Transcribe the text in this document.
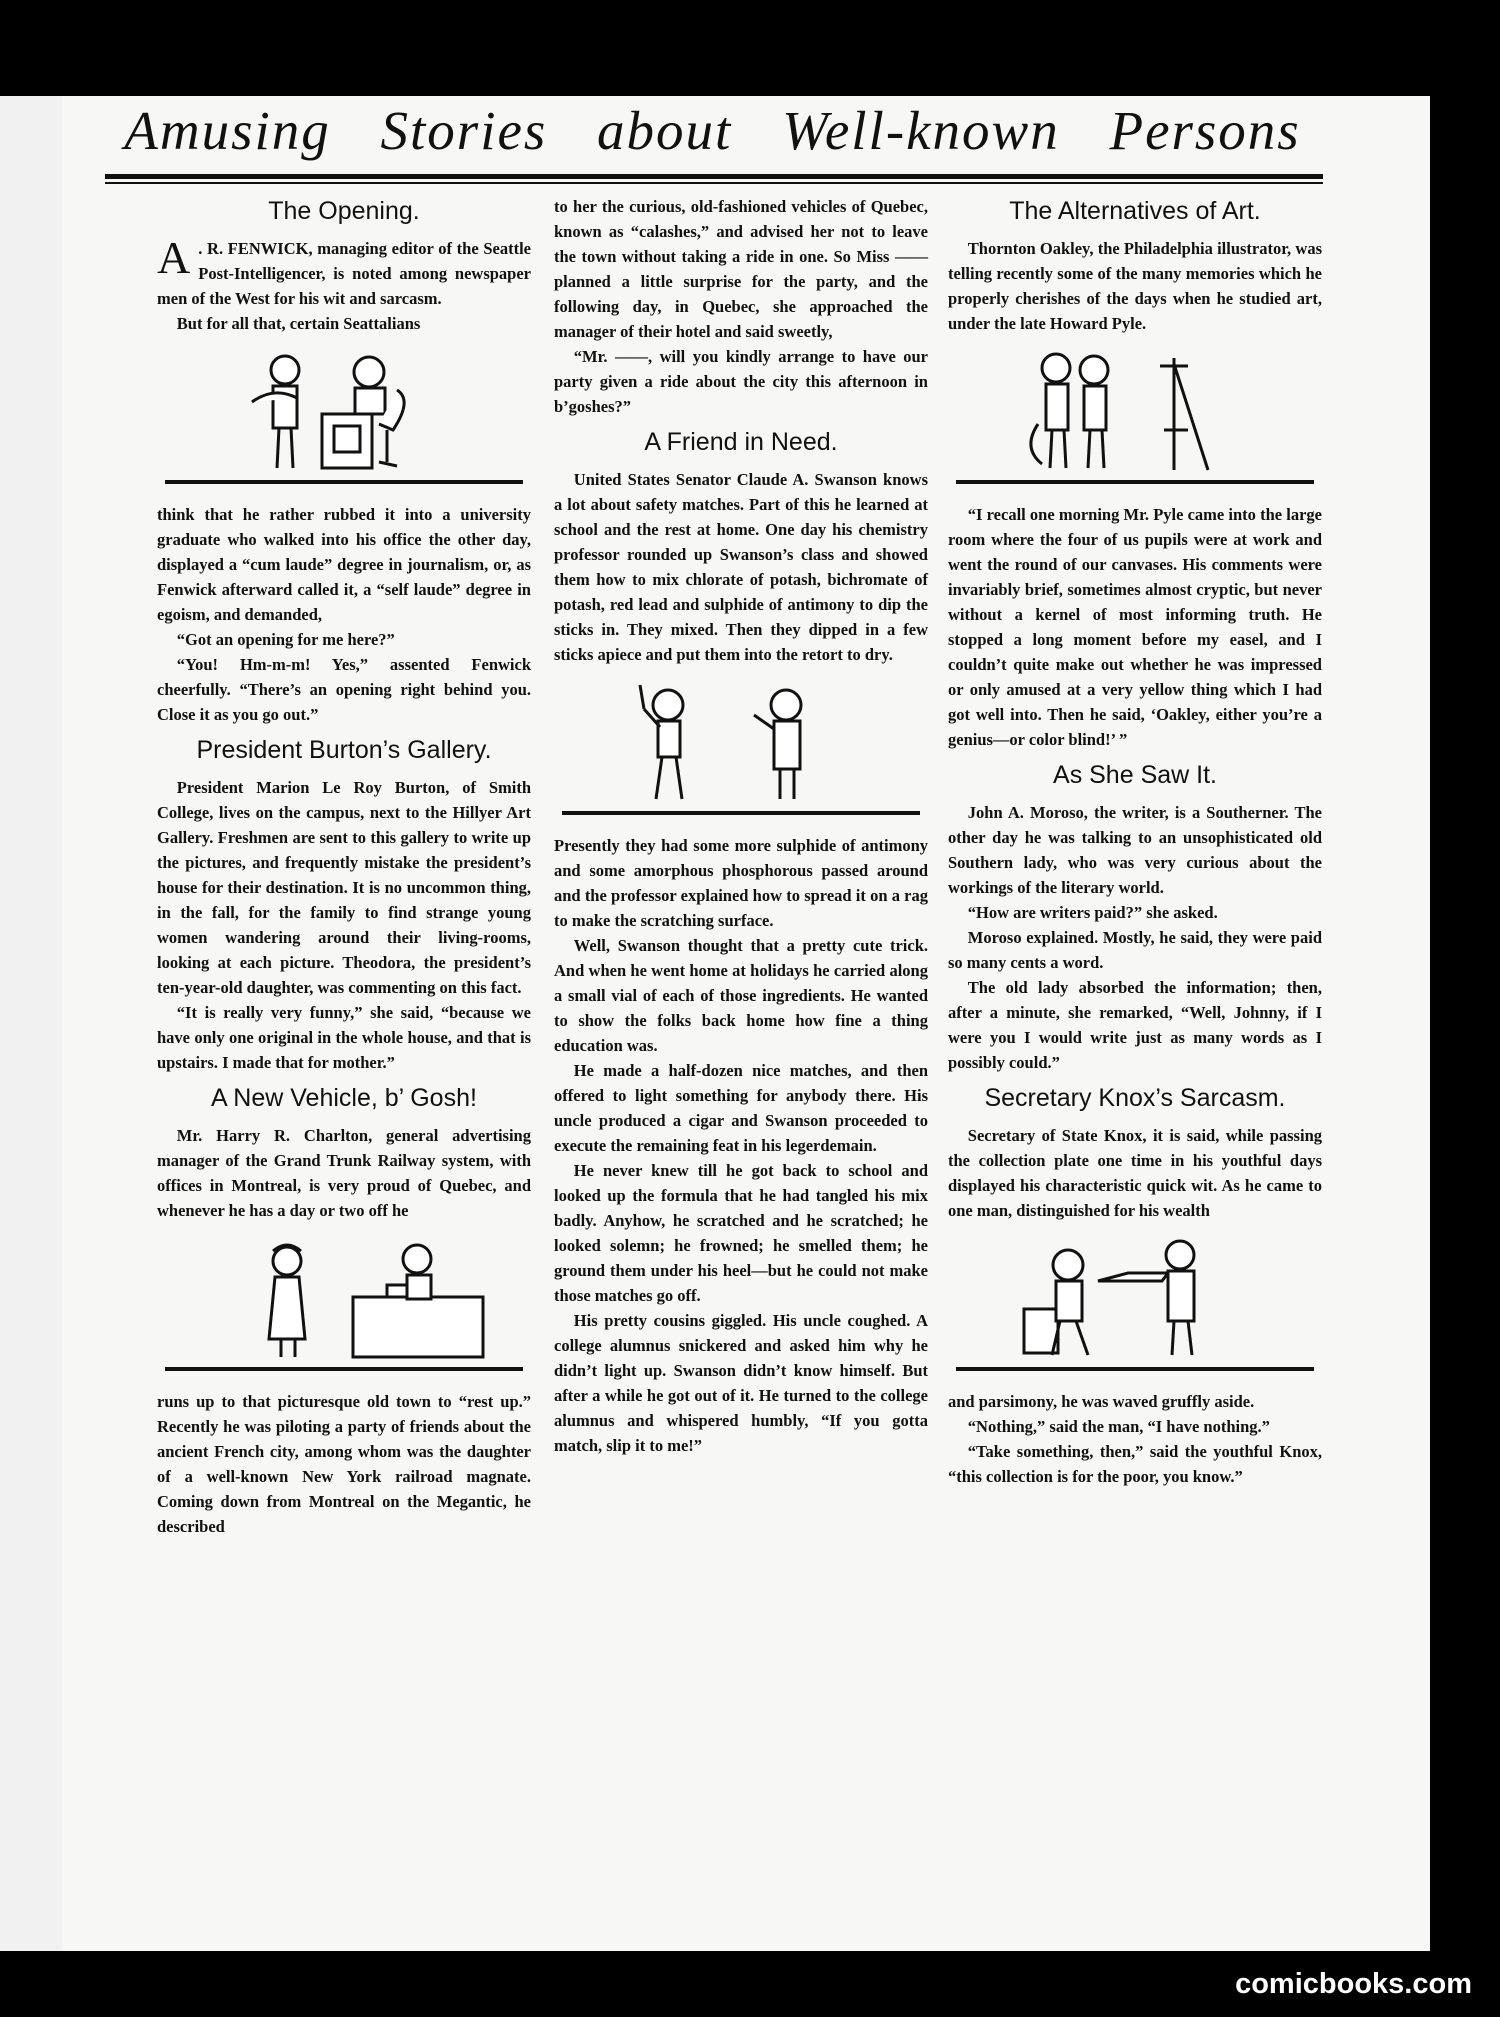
Amusing Stories about Well-known Persons
The Opening.

A . R. FENWICK, managing editor of the Seattle Post-Intelligencer, is noted among newspaper men of the West for his wit and sarcasm.

But for all that, certain Seattalians

think that he rather rubbed it into a university graduate who walked into his office the other day, displayed a “cum laude” degree in journalism, or, as Fenwick afterward called it, a “self laude” degree in egoism, and demanded,

“Got an opening for me here?”

“You! Hm-m-m! Yes,” assented Fenwick cheerfully. “There’s an opening right behind you. Close it as you go out.”

President Burton’s Gallery.

President Marion Le Roy Burton, of Smith College, lives on the campus, next to the Hillyer Art Gallery. Freshmen are sent to this gallery to write up the pictures, and frequently mistake the president’s house for their destination. It is no uncommon thing, in the fall, for the family to find strange young women wandering around their living-rooms, looking at each picture. Theodora, the president’s ten-year-old daughter, was commenting on this fact.

“It is really very funny,” she said, “because we have only one original in the whole house, and that is upstairs. I made that for mother.”

A New Vehicle, b’ Gosh!

Mr. Harry R. Charlton, general advertising manager of the Grand Trunk Railway system, with offices in Montreal, is very proud of Quebec, and whenever he has a day or two off he

runs up to that picturesque old town to “rest up.” Recently he was piloting a party of friends about the ancient French city, among whom was the daughter of a well-known New York railroad magnate. Coming down from Montreal on the Megantic, he described

to her the curious, old-fashioned vehicles of Quebec, known as “calashes,” and advised her not to leave the town without taking a ride in one. So Miss —— planned a little surprise for the party, and the following day, in Quebec, she approached the manager of their hotel and said sweetly,

“Mr. ——, will you kindly arrange to have our party given a ride about the city this afternoon in b’goshes?”

A Friend in Need.

United States Senator Claude A. Swanson knows a lot about safety matches. Part of this he learned at school and the rest at home. One day his chemistry professor rounded up Swanson’s class and showed them how to mix chlorate of potash, bichromate of potash, red lead and sulphide of antimony to dip the sticks in. They mixed. Then they dipped in a few sticks apiece and put them into the retort to dry.

Presently they had some more sulphide of antimony and some amorphous phosphorous passed around and the professor explained how to spread it on a rag to make the scratching surface.

Well, Swanson thought that a pretty cute trick. And when he went home at holidays he carried along a small vial of each of those ingredients. He wanted to show the folks back home how fine a thing education was.

He made a half-dozen nice matches, and then offered to light something for anybody there. His uncle produced a cigar and Swanson proceeded to execute the remaining feat in his legerdemain.

He never knew till he got back to school and looked up the formula that he had tangled his mix badly. Anyhow, he scratched and he scratched; he looked solemn; he frowned; he smelled them; he ground them under his heel—but he could not make those matches go off.

His pretty cousins giggled. His uncle coughed. A college alumnus snickered and asked him why he didn’t light up. Swanson didn’t know himself. But after a while he got out of it. He turned to the college alumnus and whispered humbly, “If you gotta match, slip it to me!”

The Alternatives of Art.

Thornton Oakley, the Philadelphia illustrator, was telling recently some of the many memories which he properly cherishes of the days when he studied art, under the late Howard Pyle.

“I recall one morning Mr. Pyle came into the large room where the four of us pupils were at work and went the round of our canvases. His comments were invariably brief, sometimes almost cryptic, but never without a kernel of most informing truth. He stopped a long moment before my easel, and I couldn’t quite make out whether he was impressed or only amused at a very yellow thing which I had got well into. Then he said, ‘Oakley, either you’re a genius—or color blind!’ ”

As She Saw It.

John A. Moroso, the writer, is a Southerner. The other day he was talking to an unsophisticated old Southern lady, who was very curious about the workings of the literary world.

“How are writers paid?” she asked.

Moroso explained. Mostly, he said, they were paid so many cents a word.

The old lady absorbed the information; then, after a minute, she remarked, “Well, Johnny, if I were you I would write just as many words as I possibly could.”

Secretary Knox’s Sarcasm.

Secretary of State Knox, it is said, while passing the collection plate one time in his youthful days displayed his characteristic quick wit. As he came to one man, distinguished for his wealth

and parsimony, he was waved gruffly aside.

“Nothing,” said the man, “I have nothing.”

“Take something, then,” said the youthful Knox, “this collection is for the poor, you know.”

comicbooks.com
